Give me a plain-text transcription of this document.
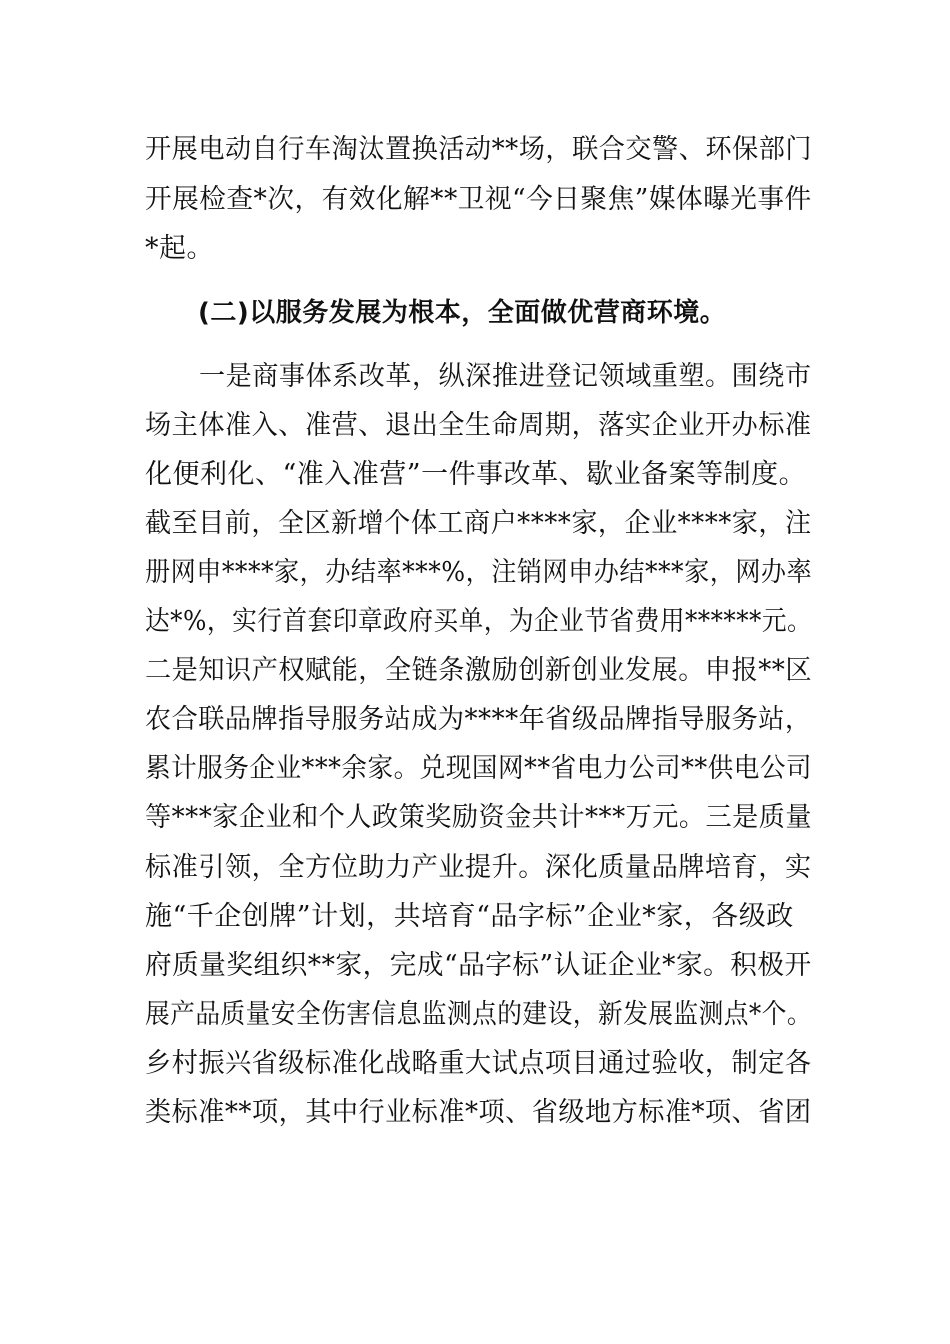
开展电动自行车淘汰置换活动**场，联合交警、环保部门
开展检查*次，有效化解**卫视“今日聚焦”媒体曝光事件
*起。
(二)以服务发展为根本，全面做优营商环境。
一是商事体系改革，纵深推进登记领域重塑。围绕市
场主体准入、准营、退出全生命周期，落实企业开办标准
化便利化、“准入准营”一件事改革、歇业备案等制度。
截至目前，全区新增个体工商户****家，企业****家，注
册网申****家，办结率***%，注销网申办结***家，网办率
达*%，实行首套印章政府买单，为企业节省费用******元。
二是知识产权赋能，全链条激励创新创业发展。申报**区
农合联品牌指导服务站成为****年省级品牌指导服务站，
累计服务企业***余家。兑现国网**省电力公司**供电公司
等***家企业和个人政策奖励资金共计***万元。三是质量
标准引领，全方位助力产业提升。深化质量品牌培育，实
施“千企创牌”计划，共培育“品字标”企业*家，各级政
府质量奖组织**家，完成“品字标”认证企业*家。积极开
展产品质量安全伤害信息监测点的建设，新发展监测点*个。
乡村振兴省级标准化战略重大试点项目通过验收，制定各
类标准**项，其中行业标准*项、省级地方标准*项、省团
